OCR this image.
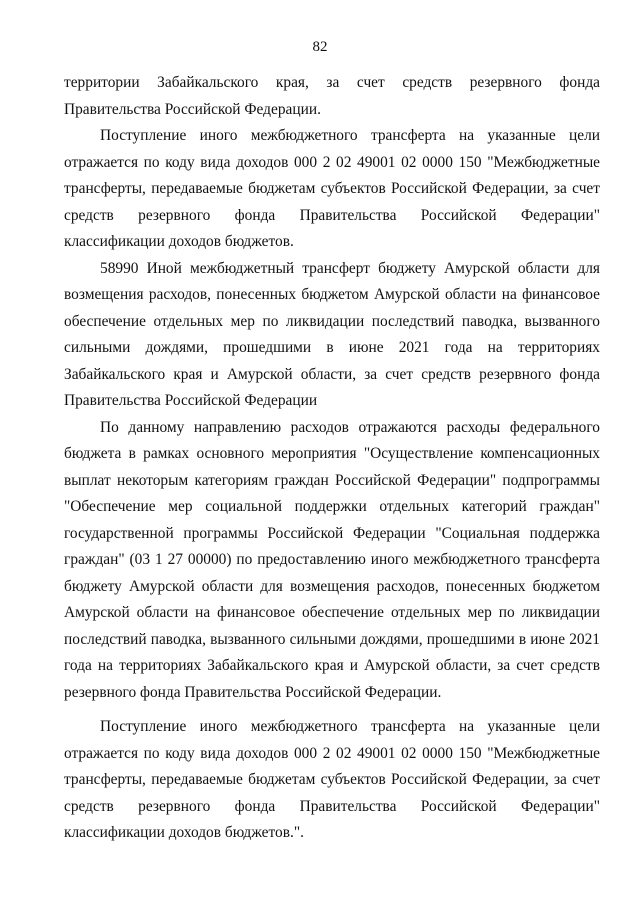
82

территории Забайкальского края, за счет средств резервного фонда Правительства Российской Федерации.

Поступление иного межбюджетного трансферта на указанные цели отражается по коду вида доходов 000 2 02 49001 02 0000 150 "Межбюджетные трансферты, передаваемые бюджетам субъектов Российской Федерации, за счет средств резервного фонда Правительства Российской Федерации" классификации доходов бюджетов.

58990 Иной межбюджетный трансферт бюджету Амурской области для возмещения расходов, понесенных бюджетом Амурской области на финансовое обеспечение отдельных мер по ликвидации последствий паводка, вызванного сильными дождями, прошедшими в июне 2021 года на территориях Забайкальского края и Амурской области, за счет средств резервного фонда Правительства Российской Федерации

По данному направлению расходов отражаются расходы федерального бюджета в рамках основного мероприятия "Осуществление компенсационных выплат некоторым категориям граждан Российской Федерации" подпрограммы "Обеспечение мер социальной поддержки отдельных категорий граждан" государственной программы Российской Федерации "Социальная поддержка граждан" (03 1 27 00000) по предоставлению иного межбюджетного трансферта бюджету Амурской области для возмещения расходов, понесенных бюджетом Амурской области на финансовое обеспечение отдельных мер по ликвидации последствий паводка, вызванного сильными дождями, прошедшими в июне 2021 года на территориях Забайкальского края и Амурской области, за счет средств резервного фонда Правительства Российской Федерации.

Поступление иного межбюджетного трансферта на указанные цели отражается по коду вида доходов 000 2 02 49001 02 0000 150 "Межбюджетные трансферты, передаваемые бюджетам субъектов Российской Федерации, за счет средств резервного фонда Правительства Российской Федерации" классификации доходов бюджетов.".
